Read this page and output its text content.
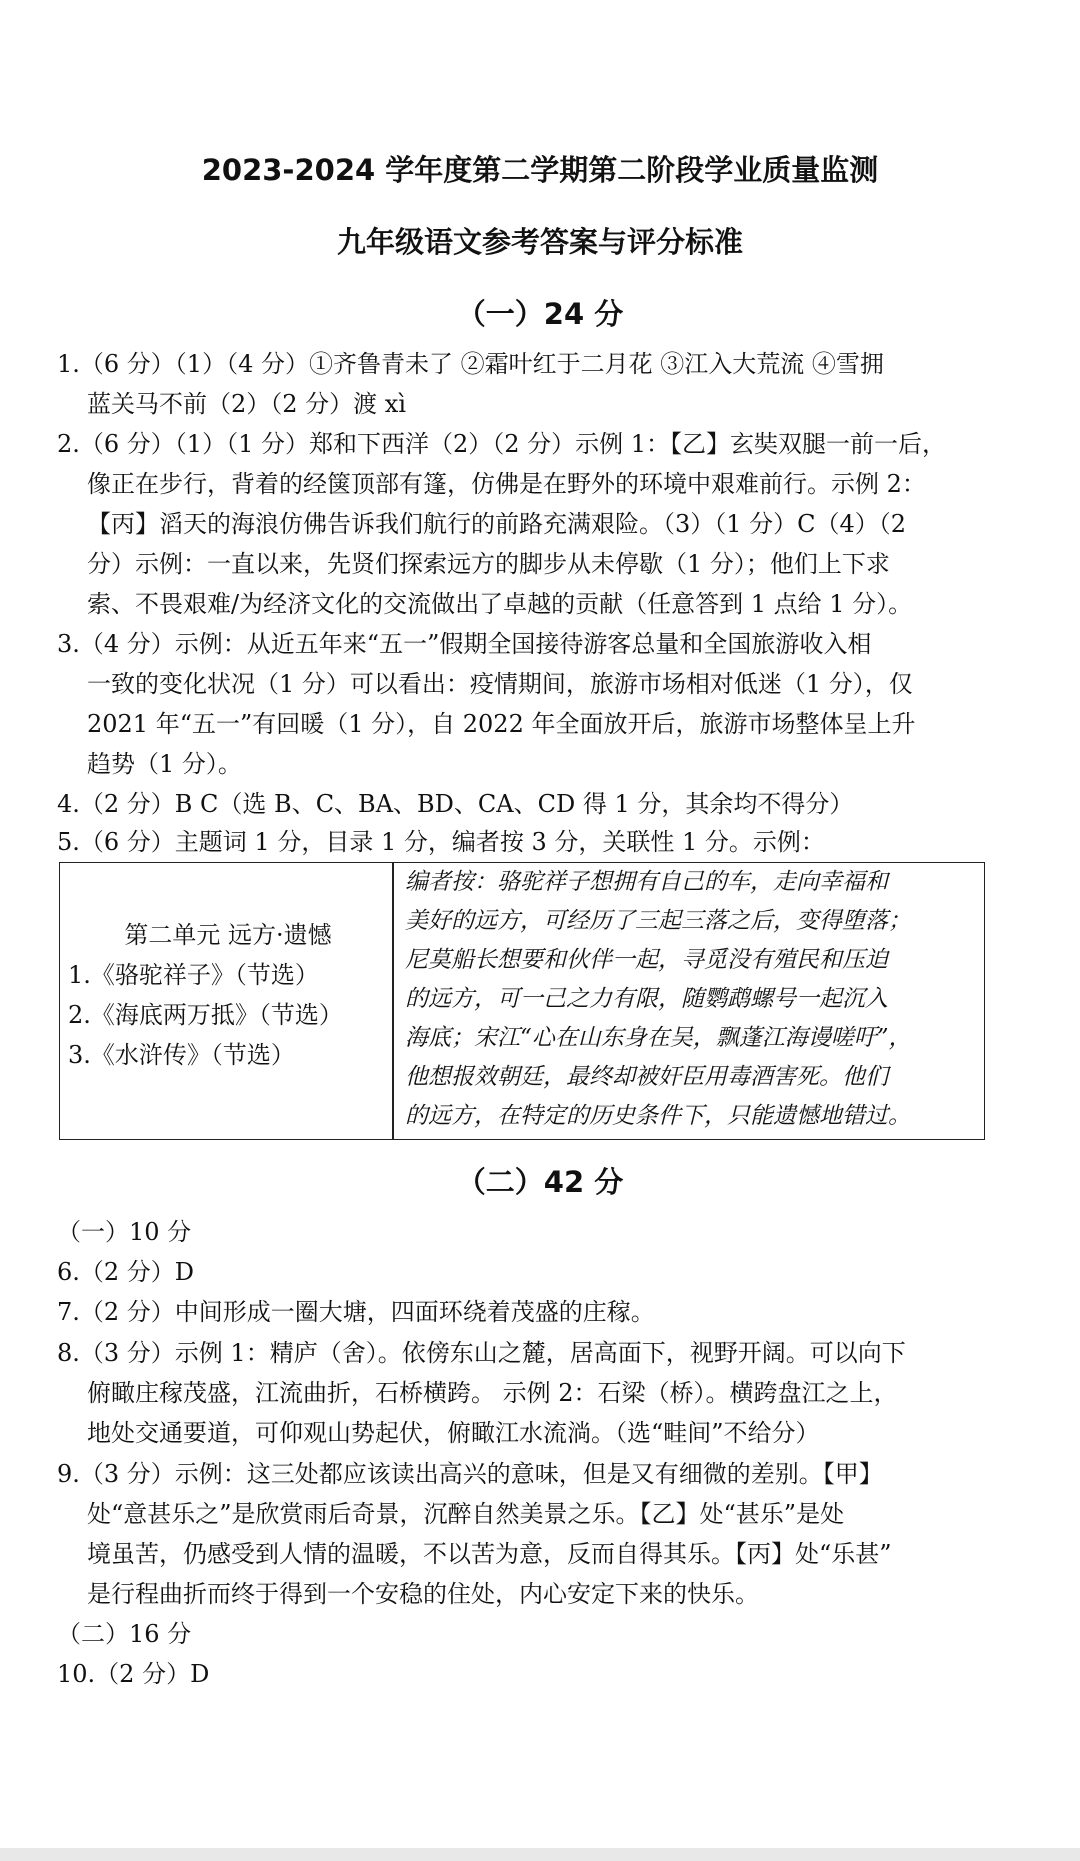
2023-2024 学年度第二学期第二阶段学业质量监测
九年级语文参考答案与评分标准
（一）24 分
1.（6 分）（1）（4 分）①齐鲁青未了 ②霜叶红于二月花 ③江入大荒流 ④雪拥
蓝关马不前（2）（2 分）渡 xì
2.（6 分）（1）（1 分）郑和下西洋（2）（2 分）示例 1：【乙】玄奘双腿一前一后，
像正在步行，背着的经箧顶部有篷，仿佛是在野外的环境中艰难前行。示例 2：
【丙】滔天的海浪仿佛告诉我们航行的前路充满艰险。（3）（1 分）C（4）（2
分）示例：一直以来，先贤们探索远方的脚步从未停歇（1 分）；他们上下求
索、不畏艰难/为经济文化的交流做出了卓越的贡献（任意答到 1 点给 1 分）。
3.（4 分）示例：从近五年来“五一”假期全国接待游客总量和全国旅游收入相
一致的变化状况（1 分）可以看出：疫情期间，旅游市场相对低迷（1 分），仅
2021 年“五一”有回暖（1 分），自 2022 年全面放开后，旅游市场整体呈上升
趋势（1 分）。
4.（2 分）B C（选 B、C、BA、BD、CA、CD 得 1 分，其余均不得分）
5.（6 分）主题词 1 分，目录 1 分，编者按 3 分，关联性 1 分。示例：
第二单元 远方·遗憾
1.《骆驼祥子》（节选）
2.《海底两万抵》（节选）
3.《水浒传》（节选）
编者按：骆驼祥子想拥有自己的车，走向幸福和
美好的远方，可经历了三起三落之后，变得堕落；
尼莫船长想要和伙伴一起，寻觅没有殖民和压迫
的远方，可一己之力有限，随鹦鹉螺号一起沉入
海底；宋江“心在山东身在吴，飘蓬江海谩嗟吁”，
他想报效朝廷，最终却被奸臣用毒酒害死。他们
的远方，在特定的历史条件下，只能遗憾地错过。
（二）42 分
（一）10 分
6.（2 分）D
7.（2 分）中间形成一圈大塘，四面环绕着茂盛的庄稼。
8.（3 分）示例 1：精庐（舍）。依傍东山之麓，居高面下，视野开阔。可以向下
俯瞰庄稼茂盛，江流曲折，石桥横跨。 示例 2：石梁（桥）。横跨盘江之上，
地处交通要道，可仰观山势起伏，俯瞰江水流淌。（选“畦间”不给分）
9.（3 分）示例：这三处都应该读出高兴的意味，但是又有细微的差别。【甲】
处“意甚乐之”是欣赏雨后奇景，沉醉自然美景之乐。【乙】处“甚乐”是处
境虽苦，仍感受到人情的温暖，不以苦为意，反而自得其乐。【丙】处“乐甚”
是行程曲折而终于得到一个安稳的住处，内心安定下来的快乐。
（二）16 分
10.（2 分）D
